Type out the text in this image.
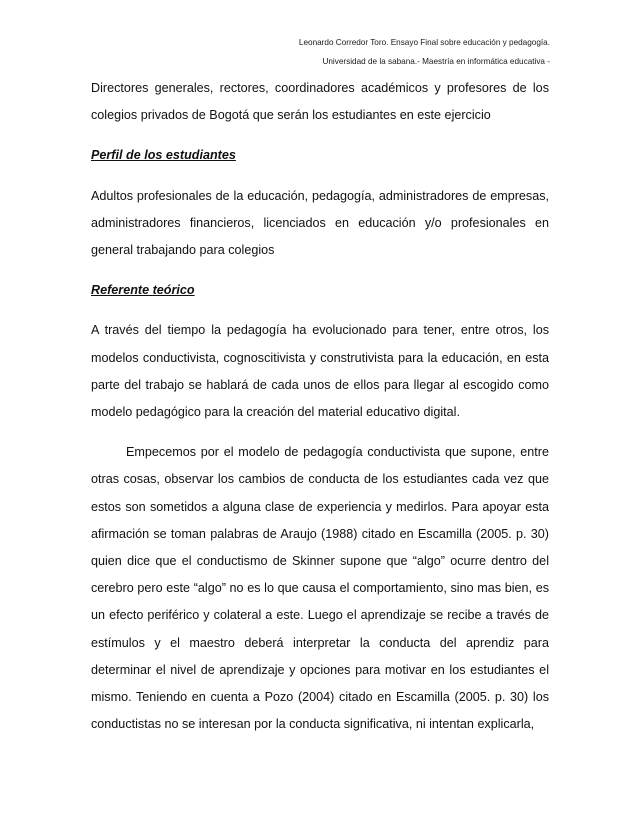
Leonardo Corredor Toro. Ensayo Final sobre educación y pedagogía.
Universidad de la sabana.- Maestría en informática educativa -

Directores generales, rectores, coordinadores académicos y profesores de los colegios privados de Bogotá que serán los estudiantes en este ejercicio

Perfil de los estudiantes

Adultos profesionales de la educación, pedagogía, administradores de empresas, administradores financieros, licenciados en educación y/o profesionales en general trabajando para colegios

Referente teórico

A través del tiempo la pedagogía ha evolucionado para tener, entre otros, los modelos conductivista, cognoscitivista y construtivista para la educación, en esta parte del trabajo se hablará de cada unos de ellos para llegar al escogido como modelo pedagógico para la creación del material educativo digital.

Empecemos por el modelo de pedagogía conductivista que supone, entre otras cosas, observar los cambios de conducta de los estudiantes cada vez que estos son sometidos a alguna clase de experiencia y medirlos. Para apoyar esta afirmación se toman palabras de Araujo (1988) citado en Escamilla (2005. p. 30) quien dice que el conductismo de Skinner supone que “algo” ocurre dentro del cerebro pero este “algo” no es lo que causa el comportamiento, sino mas bien, es un efecto periférico y colateral a este. Luego el aprendizaje se recibe a través de estímulos y el maestro deberá interpretar la conducta del aprendiz para determinar el nivel de aprendizaje y opciones para motivar en los estudiantes el mismo. Teniendo en cuenta a Pozo (2004) citado en Escamilla (2005. p. 30) los conductistas no se interesan por la conducta significativa, ni intentan explicarla,
